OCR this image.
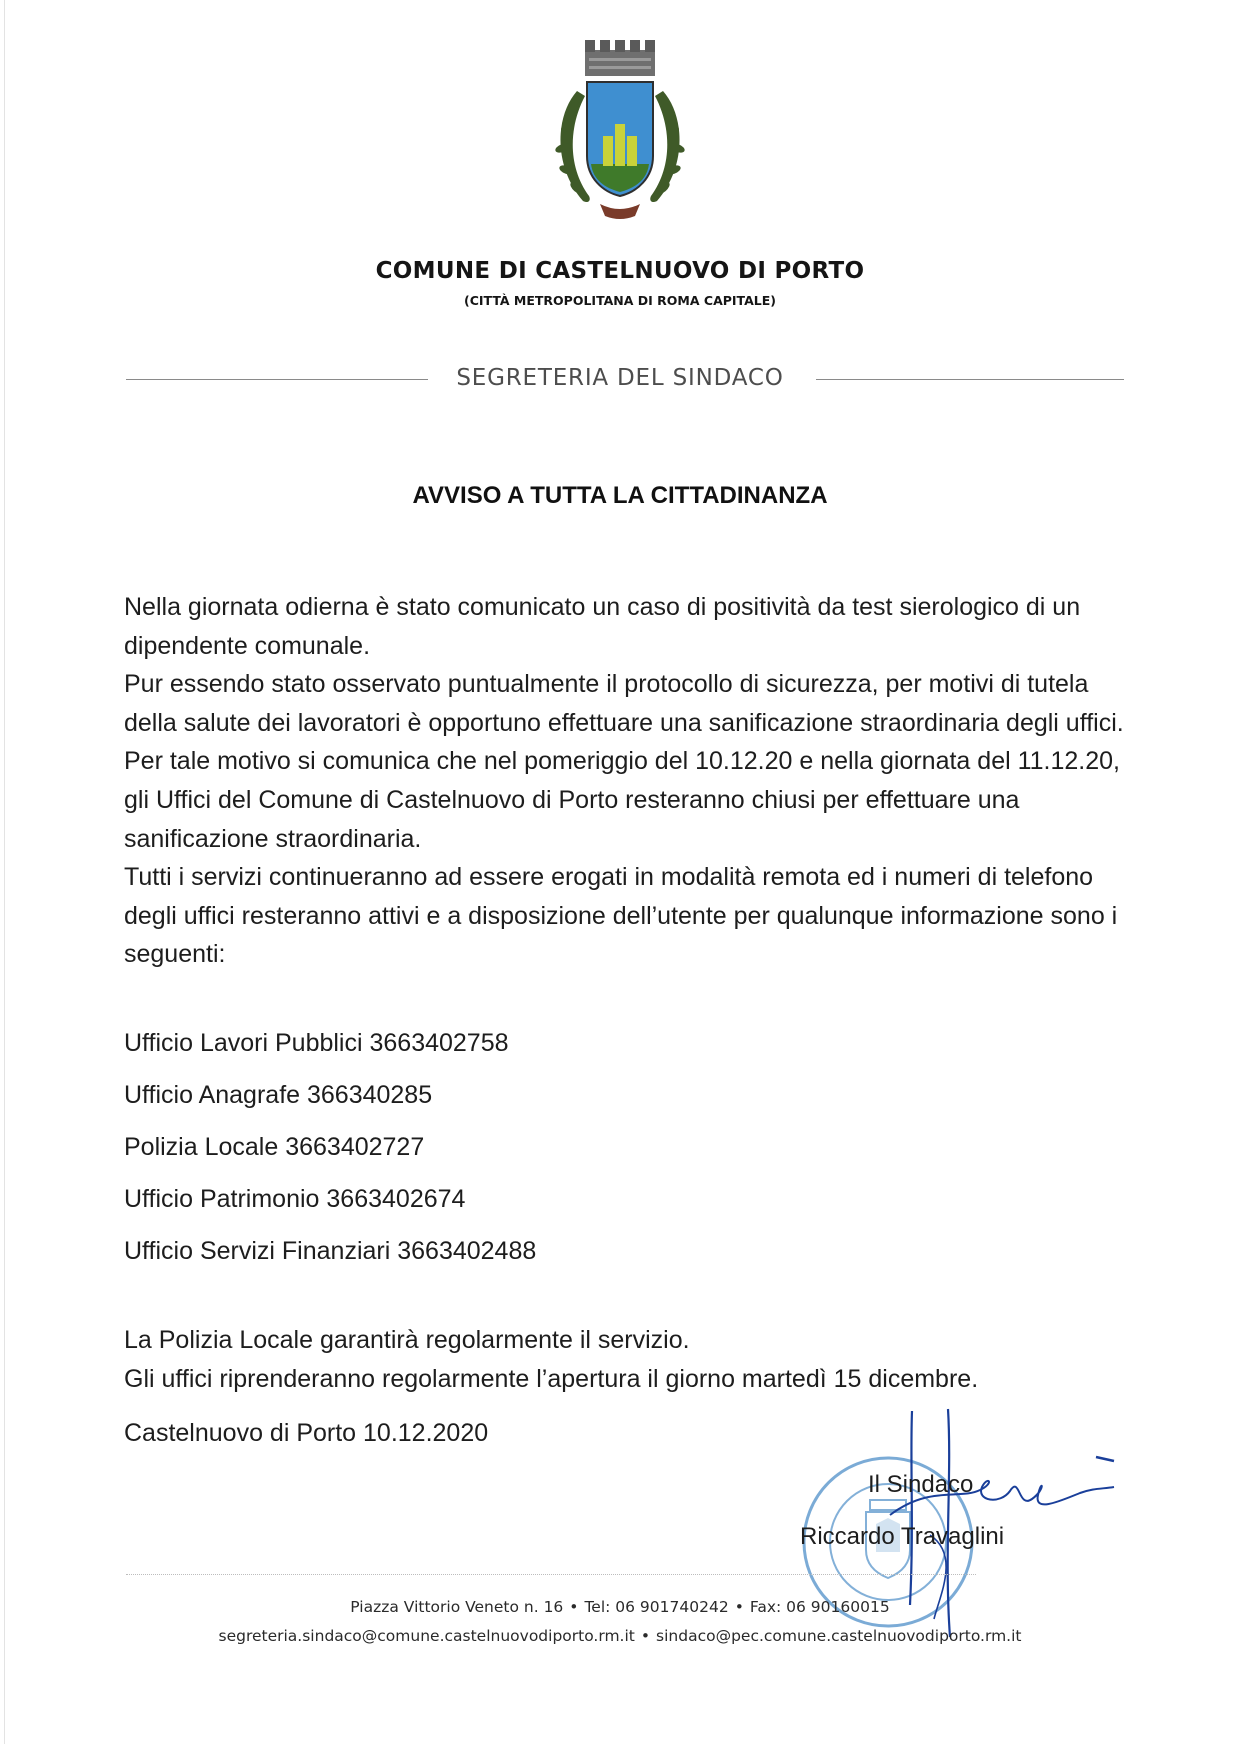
COMUNE DI CASTELNUOVO DI PORTO
(CITTÀ METROPOLITANA DI ROMA CAPITALE)
SEGRETERIA DEL SINDACO
AVVISO A TUTTA LA CITTADINANZA

Nella giornata odierna è stato comunicato un caso di positività da test sierologico di un dipendente comunale.

Pur essendo stato osservato puntualmente il protocollo di sicurezza, per motivi di tutela della salute dei lavoratori è opportuno effettuare una sanificazione straordinaria degli uffici.

Per tale motivo si comunica che nel pomeriggio del 10.12.20 e nella giornata del 11.12.20, gli Uffici del Comune di Castelnuovo di Porto resteranno chiusi per effettuare una sanificazione straordinaria.

Tutti i servizi continueranno ad essere erogati in modalità remota ed i numeri di telefono degli uffici resteranno attivi e a disposizione dell’utente per qualunque informazione sono i seguenti:

Ufficio Lavori Pubblici 3663402758
Ufficio Anagrafe 366340285
Polizia Locale 3663402727
Ufficio Patrimonio 3663402674
Ufficio Servizi Finanziari 3663402488

La Polizia Locale garantirà regolarmente il servizio.

Gli uffici riprenderanno regolarmente l’apertura il giorno martedì 15 dicembre.

Castelnuovo di Porto 10.12.2020
Il Sindaco
Riccardo Travaglini
Piazza Vittorio Veneto n. 16 • Tel: 06 901740242 • Fax: 06 90160015
segreteria.sindaco@comune.castelnuovodiporto.rm.it • sindaco@pec.comune.castelnuovodiporto.rm.it
